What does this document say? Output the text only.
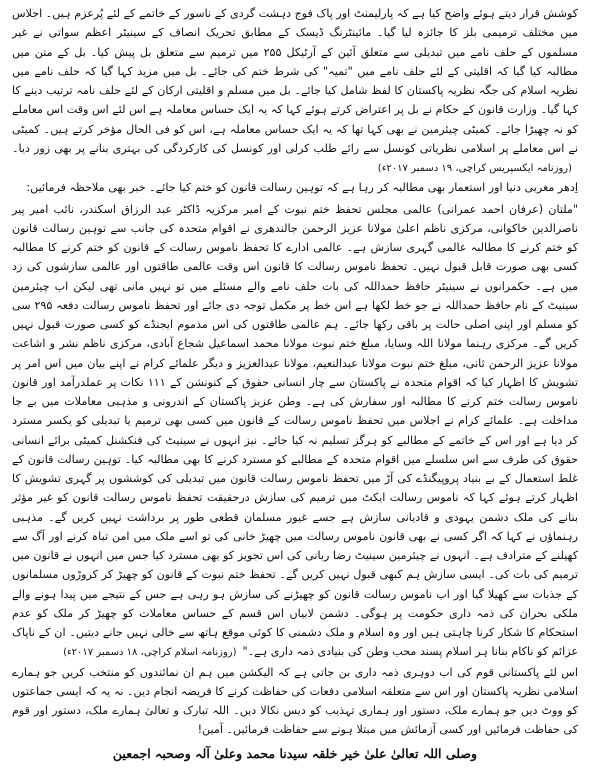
کوشش قرار دیتے ہوئے واضح کیا ہے کہ پارلیمنٹ اور پاک فوج دہشت گردی کے ناسور کے خاتمے کے لئے پُرعزم ہیں۔ اجلاس میں مختلف ترمیمی بلز کا جائزہ لیا گیا۔ مائینٹرنگ ڈیسک کے مطابق تحریک انصاف کے سینیٹر اعظم سواتی نے غیر مسلموں کے حلف نامے میں تبدیلی سے متعلق آئین کے آرٹیکل ۲۵۵ میں ترمیم سے متعلق بل پیش کیا۔ بل کے متن میں مطالبہ کیا گیا کہ اقلیتی کے لئے حلف نامے میں "تمیہ" کی شرط ختم کی جائے۔ بل میں مزید کہا گیا کہ حلف نامے میں نظریہ اسلام کی جگہ نظریہ پاکستان کا لفظ شامل کیا جائے۔ بل میں مسلم و اقلیتی ارکان کے لئے حلف نامہ ترتیب دینے کا کہا گیا۔ وزارت قانون کے حکام نے بل پر اعتراض کرتے ہوئے کہا کہ یہ ایک حساس معاملہ ہے اس لئے اس وقت اس معاملے کو نہ چھیڑا جائے۔ کمیٹی چیئرمین نے بھی کہا تھا کہ یہ ایک حساس معاملہ ہے، اس کو فی الحال مؤخر کرتے ہیں۔ کمیٹی نے اس معاملے پر اسلامی نظریاتی کونسل سے رائے طلب کرلی اور کونسل کی کارکردگی کی بہتری بنانے پر بھی زور دیا۔(روزنامہ ایکسپریس کراچی، ۱۹ دسمبر ۲۰۱۷ء)

اِدھر مغربی دنیا اور استعمار بھی مطالبہ کر رہا ہے کہ توہین رسالت قانون کو ختم کیا جائے۔ خبر بھی ملاحظہ فرمائیں:

"ملتان (عرفان احمد عمرانی) عالمی مجلس تحفظ ختم نبوت کے امیر مرکزیہ ڈاکٹر عبد الرزاق اسکندر، نائب امیر پیر ناصرالدین خاکوانی، مرکزی ناظم اعلیٰ مولانا عزیز الرحمن جالندھری نے اقوام متحدہ کی جانب سے توہین رسالت قانون کو ختم کرنے کا مطالبہ عالمی گہری سازش ہے۔ عالمی ادارے کا تحفظ ناموس رسالت کے قانون کو ختم کرنے کا مطالبہ کسی بھی صورت قابل قبول نہیں۔ تحفظ ناموس رسالت کا قانون اس وقت عالمی طاقتوں اور عالمی سازشوں کی زد میں ہے۔ حکمرانوں نے سینیٹر حافظ حمداللہ کی بات حلف نامے والے مسئلے میں تو نہیں مانی تھی لیکن اب چیئرمین سینیٹ کے نام حافظ حمداللہ نے جو خط لکھا ہے اس خط پر مکمل توجہ دی جائے اور تحفظ ناموس رسالت دفعہ ۲۹۵ سی کو مسلم اور اپنی اصلی حالت پر باقی رکھا جائے۔ ہم عالمی طاقتوں کی اس مذموم ایجنڈے کو کسی صورت قبول نہیں کریں گے۔ مرکزی رہنما مولانا اللہ وسایا، مبلغ ختم نبوت مولانا محمد اسماعیل شجاع آبادی، مرکزی ناظم نشر و اشاعت مولانا عزیز الرحمن ثانی، مبلغ ختم نبوت مولانا عبدالنعیم، مولانا عبدالعزیز و دیگر علمائے کرام نے اپنے بیان میں اس امر پر تشویش کا اظہار کیا کہ اقوام متحدہ نے پاکستان سے چار انسانی حقوق کے کنونشن کے ۱۱۱ نکات پر عملدرآمد اور قانون ناموس رسالت ختم کرنے کا مطالبہ اور سفارش کی ہے۔ وطن عزیز پاکستان کے اندرونی و مذہبی معاملات میں بے جا مداخلت ہے۔ علمائے کرام نے اجلاس میں تحفظ ناموس رسالت کے قانون میں کسی بھی ترمیم یا تبدیلی کو یکسر مسترد کر دیا ہے اور اس کے خاتمے کے مطالبے کو ہرگز تسلیم نہ کیا جائے۔ نیز انہوں نے سینیٹ کی فنکشنل کمیٹی برائے انسانی حقوق کی طرف سے اس سلسلے میں اقوام متحدہ کے مطالبے کو مسترد کرنے کا بھی مطالبہ کیا۔ توہین رسالت قانون کے غلط استعمال کے بے بنیاد پروپیگنڈے کی آڑ میں تحفظ ناموس رسالت قانون میں تبدیلی کی کوششوں پر گہری تشویش کا اظہار کرتے ہوئے کہا کہ ناموس رسالت ایکٹ میں ترمیم کی سازش درحقیقت تحفظ ناموس رسالت قانون کو غیر مؤثر بنانے کی ملک دشمن یہودی و قادیانی سازش ہے جسے غیور مسلمان قطعی طور پر برداشت نہیں کریں گے۔ مذہبی رہنماؤں نے کہا کہ اگر کسی نے بھی قانون ناموس رسالت میں چھیڑ خانی کی تو اسے ملک میں امن تباہ کرنے اور آگ سے کھیلنے کے مترادف ہے۔ انہوں نے چیئرمین سینیٹ رضا ربانی کی اس تجویز کو بھی مسترد کیا جس میں انہوں نے قانون میں ترمیم کی بات کی۔ ایسی سازش ہم کبھی قبول نہیں کریں گے۔ تحفظ ختم نبوت کے قانون کو چھیڑ کر کروڑوں مسلمانوں کے جذبات سے کھیلا گیا اور اب ناموس رسالت قانون کو چھیڑنے کی سازش ہو رہی ہے جس کے نتیجے میں پیدا ہونے والے ملکی بحران کی ذمہ داری حکومت پر ہوگی۔ دشمن لابیاں اس قسم کے حساس معاملات کو چھیڑ کر ملک کو عدم استحکام کا شکار کرنا چاہتی ہیں اور وہ اسلام و ملک دشمنی کا کوئی موقع ہاتھ سے خالی نہیں جانے دیتیں۔ ان کے ناپاک عزائم کو ناکام بنانا ہر اسلام پسند محب وطن کی بنیادی ذمہ داری ہے۔"(روزنامہ اسلام کراچی، ۱۸ دسمبر ۲۰۱۷ء)

اس لئے پاکستانی قوم کی اب دوہری ذمہ داری بن جاتی ہے کہ الیکشن میں ہم ان نمائندوں کو منتخب کریں جو ہمارے اسلامی نظریہ پاکستان اور اس سے متعلقہ اسلامی دفعات کی حفاظت کرنے کا فریضہ انجام دیں۔ نہ یہ کہ ایسی جماعتوں کو ووٹ دیں جو ہمارے ملک، دستور اور ہماری تہذیب کو دیس نکالا دیں۔ اللہ تبارک و تعالیٰ ہمارے ملک، دستور اور قوم کی حفاظت فرمائیں اور کسی آزمائش میں مبتلا ہونے سے حفاظت فرمائیں۔ آمین!

وصلی اللہ تعالیٰ علیٰ خیر خلقہ سیدنا محمد وعلیٰ آلہ وصحبہ اجمعین
